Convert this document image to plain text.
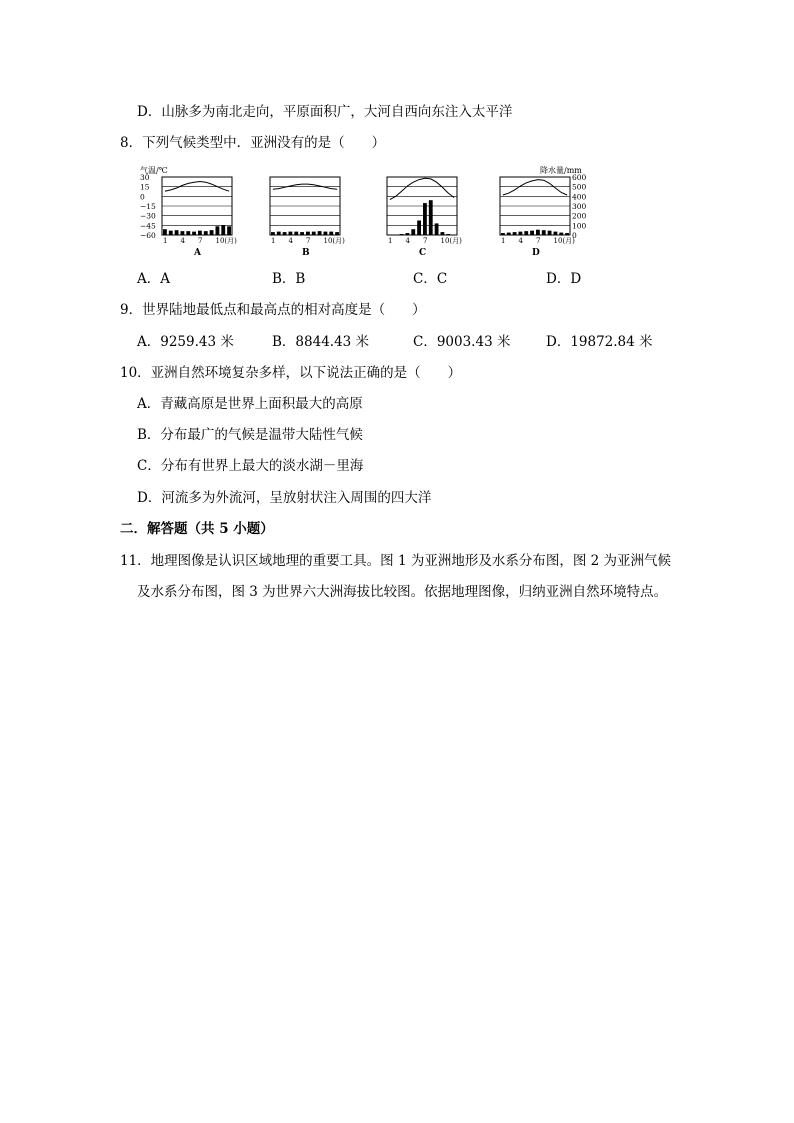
D．山脉多为南北走向，平原面积广，大河自西向东注入太平洋
8．下列气候类型中．亚洲没有的是（　　）
气温/℃	降水量/mm
30
15
0
−15
−30
−45
−60
600
500
400
300
200
100
0
1 4 7 10(月)
A
1 4 7 10(月)
B
1 4 7 10(月)
C
1 4 7 10(月)
D
A．A	B．B	C．C	D．D
9．世界陆地最低点和最高点的相对高度是（　　）
A．9259.43 米	B．8844.43 米	C．9003.43 米	D．19872.84 米
10．亚洲自然环境复杂多样，以下说法正确的是（　　）
A．青藏高原是世界上面积最大的高原
B．分布最广的气候是温带大陆性气候
C．分布有世界上最大的淡水湖－里海
D．河流多为外流河，呈放射状注入周围的四大洋
二．解答题（共 5 小题）
11．地理图像是认识区域地理的重要工具。图 1 为亚洲地形及水系分布图，图 2 为亚洲气候
及水系分布图，图 3 为世界六大洲海拔比较图。依据地理图像，归纳亚洲自然环境特点。
